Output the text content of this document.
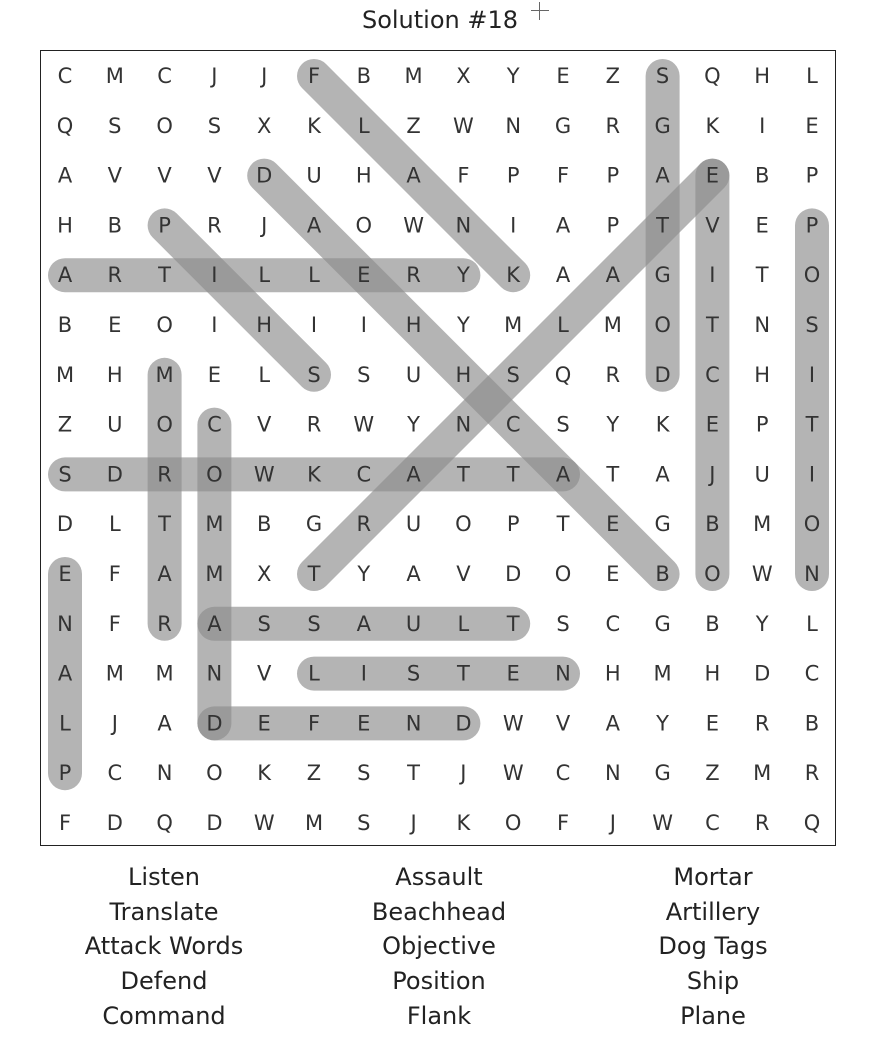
Solution #18
C M C J J F B M X Y E Z S Q H L
Q S O S X K L Z W N G R G K I E
A V V V D U H A F P F P A E B P
H B P R J A O W N I A P T V E P
A R T I L L E R Y K A A G I T O
B E O I H I I H Y M L M O T N S
M H M E L S S U H S Q R D C H I
Z U O C V R W Y N C S Y K E P T
S D R O W K C A T T A T A J U I
D L T M B G R U O P T E G B M O
E F A M X T Y A V D O E B O W N
N F R A S S A U L T S C G B Y L
A M M N V L I S T E N H M H D C
L J A D E F E N D W V A Y E R B
P C N O K Z S T J W C N G Z M R
F D Q D W M S J K O F J W C R Q
Listen
Translate
Attack Words
Defend
Command
Assault
Beachhead
Objective
Position
Flank
Mortar
Artillery
Dog Tags
Ship
Plane
